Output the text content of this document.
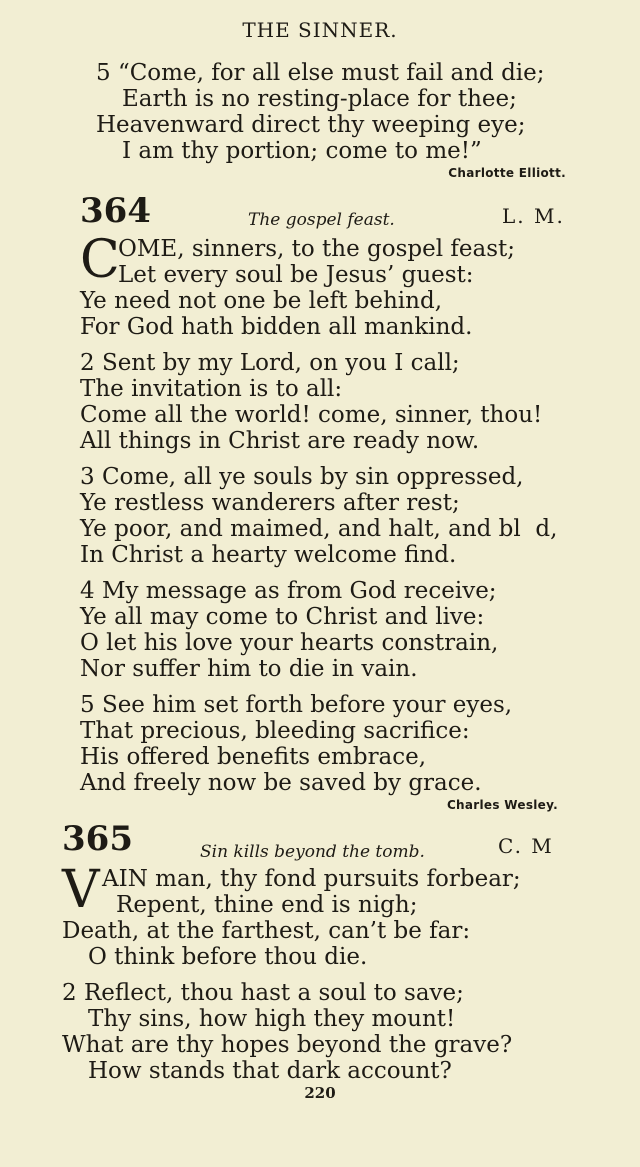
THE SINNER.
5 “Come, for all else must fail and die;
Earth is no resting-place for thee;
Heavenward direct thy weeping eye;
I am thy portion; come to me!”
Charlotte Elliott.
364	The gospel feast.	L. M.
C
OME, sinners, to the gospel feast;
Let every soul be Jesus’ guest:
Ye need not one be left behind,
For God hath bidden all mankind.
2 Sent by my Lord, on you I call;
The invitation is to all:
Come all the world! come, sinner, thou!
All things in Christ are ready now.
3 Come, all ye souls by sin oppressed,
Ye restless wanderers after rest;
Ye poor, and maimed, and halt, and bl  d,
In Christ a hearty welcome find.
4 My message as from God receive;
Ye all may come to Christ and live:
O let his love your hearts constrain,
Nor suffer him to die in vain.
5 See him set forth before your eyes,
That precious, bleeding sacrifice:
His offered benefits embrace,
And freely now be saved by grace.
Charles Wesley.
365	Sin kills beyond the tomb.	C. M
V AIN man, thy fond pursuits forbear;
Repent, thine end is nigh;
Death, at the farthest, can’t be far:
O think before thou die.
2 Reflect, thou hast a soul to save;
Thy sins, how high they mount!
What are thy hopes beyond the grave?
How stands that dark account?
220
